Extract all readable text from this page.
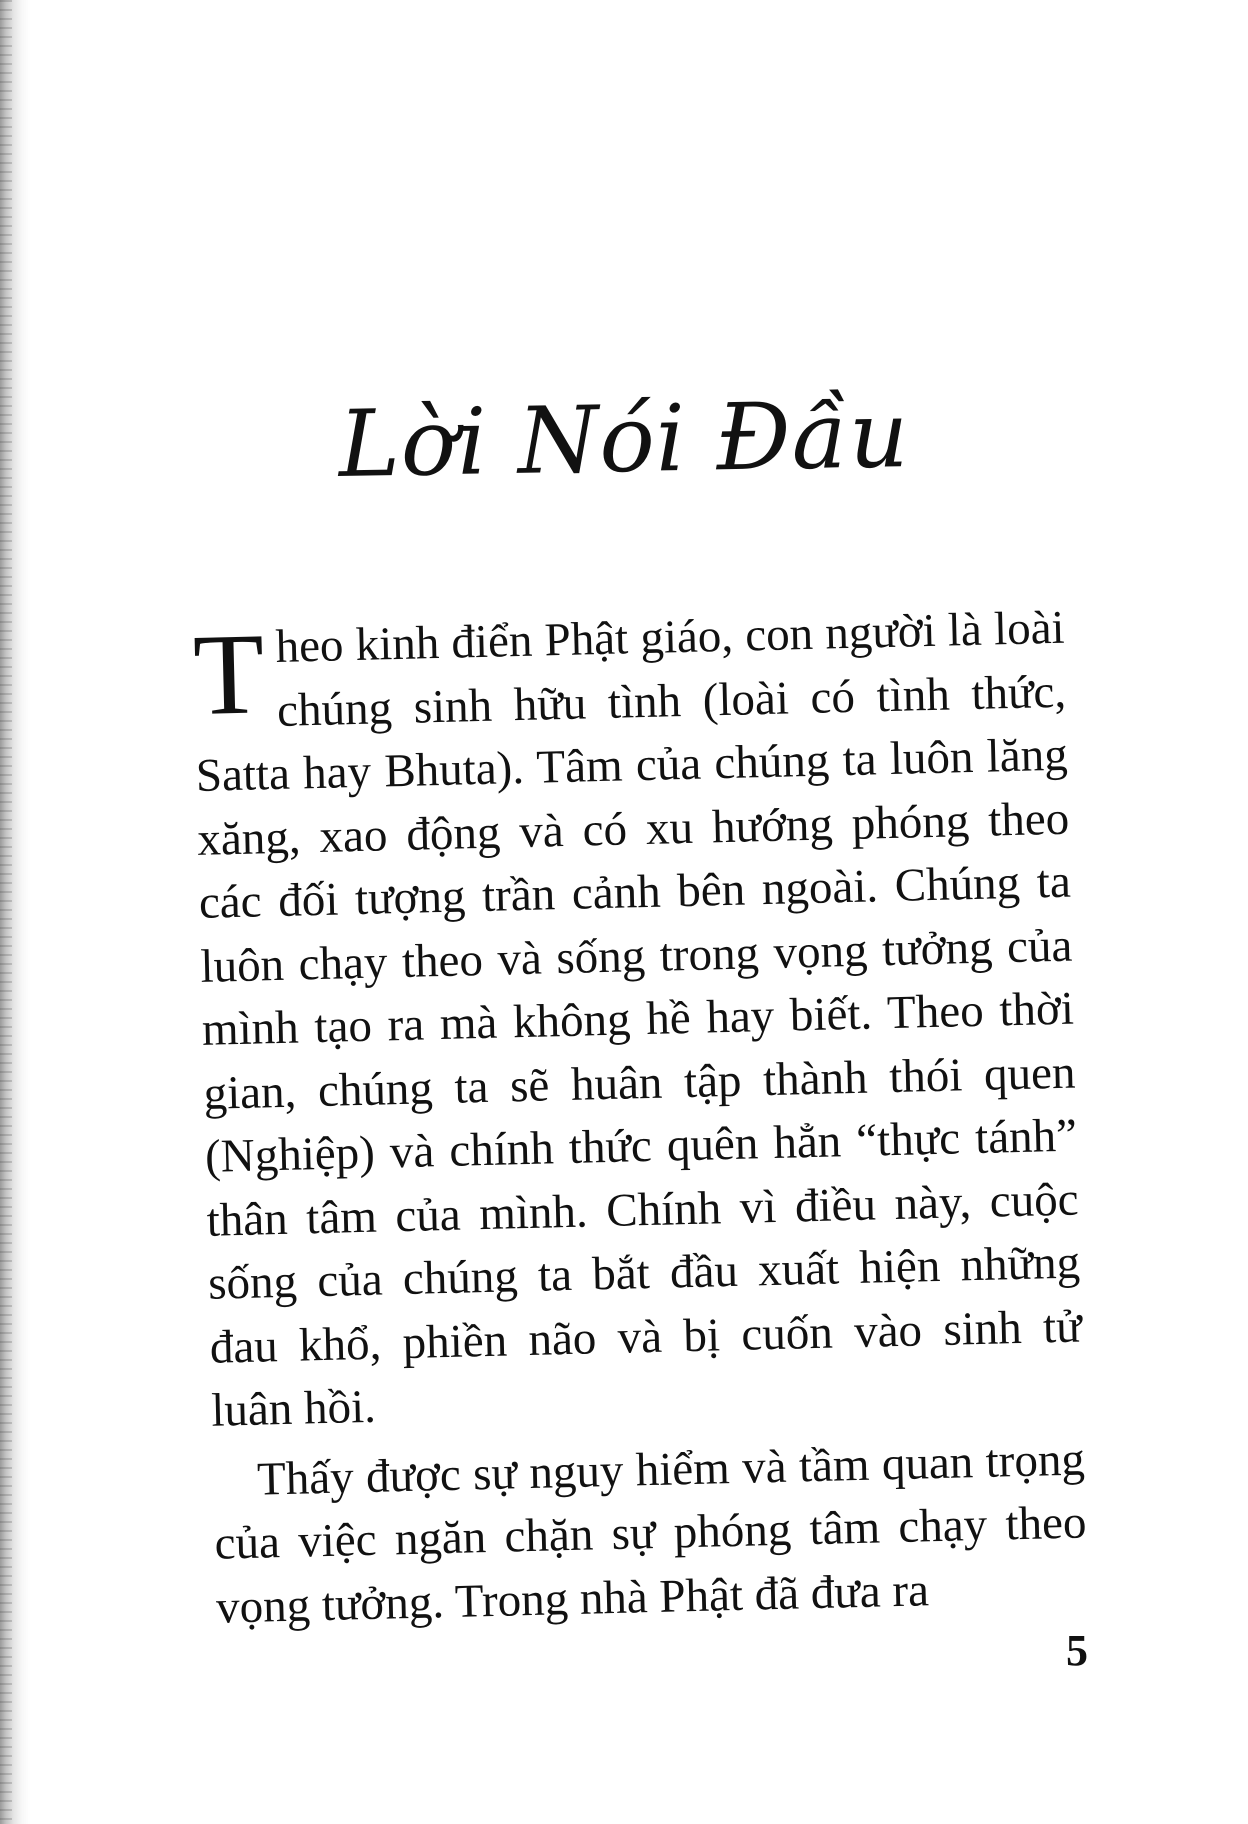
Lời Nói Đầu

Theo kinh điển Phật giáo, con người là loài chúng sinh hữu tình (loài có tình thức, Satta hay Bhuta). Tâm của chúng ta luôn lăng xăng, xao động và có xu hướng phóng theo các đối tượng trần cảnh bên ngoài. Chúng ta luôn chạy theo và sống trong vọng tưởng của mình tạo ra mà không hề hay biết. Theo thời gian, chúng ta sẽ huân tập thành thói quen (Nghiệp) và chính thức quên hẳn “thực tánh” thân tâm của mình. Chính vì điều này, cuộc sống của chúng ta bắt đầu xuất hiện những đau khổ, phiền não và bị cuốn vào sinh tử luân hồi.

Thấy được sự nguy hiểm và tầm quan trọng của việc ngăn chặn sự phóng tâm chạy theo vọng tưởng. Trong nhà Phật đã đưa ra

5
